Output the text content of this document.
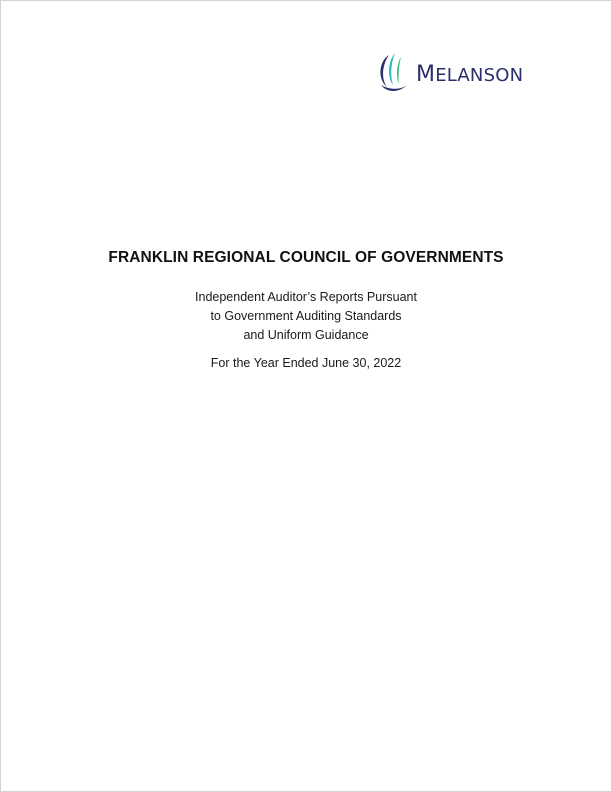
MELANSON
FRANKLIN REGIONAL COUNCIL OF GOVERNMENTS
Independent Auditor’s Reports Pursuant
to Government Auditing Standards
and Uniform Guidance
For the Year Ended June 30, 2022
